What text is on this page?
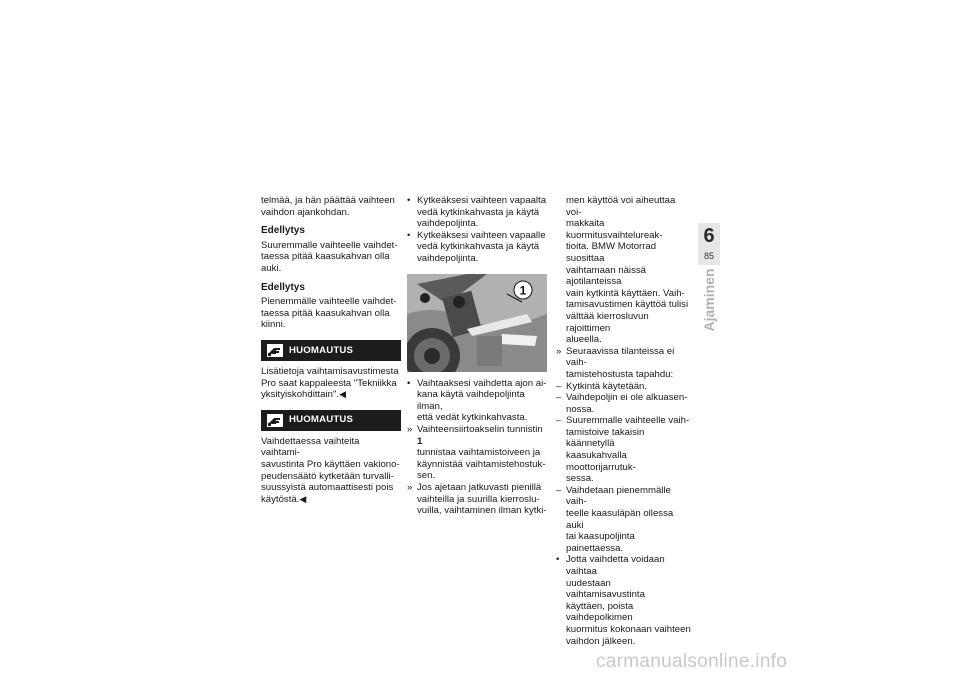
telmää, ja hän päättää vaihteen

vaihdon ajankohdan.

Edellytys

Suuremmalle vaihteelle vaihdet-

taessa pitää kaasukahvan olla

auki.

Edellytys

Pienemmälle vaihteelle vaihdet-

taessa pitää kaasukahvan olla

kiinni.

HUOMAUTUS

Lisätietoja vaihtamisavustimesta

Pro saat kappaleesta "Tekniikka

yksityiskohdittain".◀

HUOMAUTUS

Vaihdettaessa vaihteita vaihtami-

savustinta Pro käyttäen vakiono-

peudensäätö kytketään turvalli-

suussyistä automaattisesti pois

käytöstä.◀

• Kytkeäksesi vaihteen vapaalta

vedä kytkinkahvasta ja käytä

vaihdepoljinta.

• Kytkeäksesi vaihteen vapaalle

vedä kytkinkahvasta ja käytä

vaihdepoljinta.

1
• Vaihtaaksesi vaihdetta ajon ai-

kana käytä vaihdepoljinta ilman,

että vedät kytkinkahvasta.

» Vaihteensiirtoakselin tunnistin 1

tunnistaa vaihtamistoiveen ja

käynnistää vaihtamistehostuk-

sen.

» Jos ajetaan jatkuvasti pienillä

vaihteilla ja suurilla kierroslu-

vuilla, vaihtaminen ilman kytki-

men käyttöä voi aiheuttaa voi-

makkaita kuormitusvaihtelureak-

tioita. BMW Motorrad suosittaa

vaihtamaan näissä ajotilanteissa

vain kytkintä käyttäen. Vaih-

tamisavustimen käyttöä tulisi

välttää kierrosluvun rajoittimen

alueella.

» Seuraavissa tilanteissa ei vaih-

tamistehostusta tapahdu:

– Kytkintä käytetään.

– Vaihdepoljin ei ole alkuasen-

nossa.

– Suuremmalle vaihteelle vaih-

tamistoive takaisin käännetyllä

kaasukahvalla moottorijarrutuk-

sessa.

– Vaihdetaan pienemmälle vaih-

teelle kaasuläpän ollessa auki

tai kaasupoljinta painettaessa.

• Jotta vaihdetta voidaan vaihtaa

uudestaan vaihtamisavustinta

käyttäen, poista vaihdepolkimen

kuormitus kokonaan vaihteen

vaihdon jälkeen.

6
85
Ajaminen
carmanualsonline.info
